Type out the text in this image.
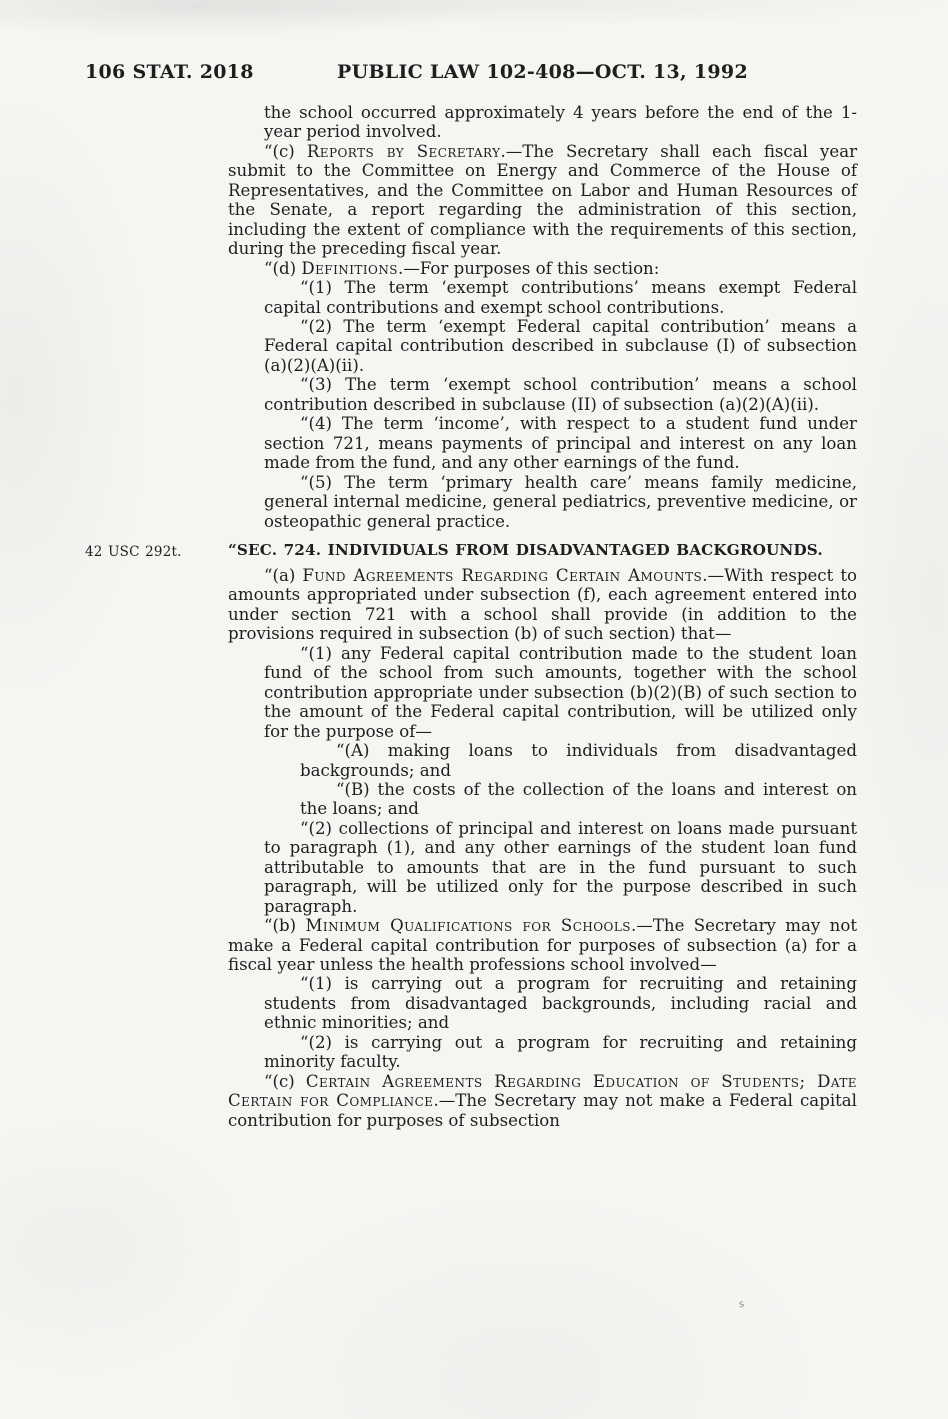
106 STAT. 2018	PUBLIC LAW 102-408—OCT. 13, 1992

the school occurred approximately 4 years before the end of the 1-year period involved.

“(c) Reports by Secretary.—The Secretary shall each fiscal year submit to the Committee on Energy and Commerce of the House of Representatives, and the Committee on Labor and Human Resources of the Senate, a report regarding the administration of this section, including the extent of compliance with the requirements of this section, during the preceding fiscal year.

“(d) Definitions.—For purposes of this section:

“(1) The term ‘exempt contributions’ means exempt Federal capital contributions and exempt school contributions.

“(2) The term ‘exempt Federal capital contribution’ means a Federal capital contribution described in subclause (I) of subsection (a)(2)(A)(ii).

“(3) The term ‘exempt school contribution’ means a school contribution described in subclause (II) of subsection (a)(2)(A)(ii).

“(4) The term ‘income’, with respect to a student fund under section 721, means payments of principal and interest on any loan made from the fund, and any other earnings of the fund.

“(5) The term ‘primary health care’ means family medicine, general internal medicine, general pediatrics, preventive medicine, or osteopathic general practice.

“SEC. 724. INDIVIDUALS FROM DISADVANTAGED BACKGROUNDS.
42 USC 292t.

“(a) Fund Agreements Regarding Certain Amounts.—With respect to amounts appropriated under subsection (f), each agreement entered into under section 721 with a school shall provide (in addition to the provisions required in subsection (b) of such section) that—

“(1) any Federal capital contribution made to the student loan fund of the school from such amounts, together with the school contribution appropriate under subsection (b)(2)(B) of such section to the amount of the Federal capital contribution, will be utilized only for the purpose of—

“(A) making loans to individuals from disadvantaged backgrounds; and

“(B) the costs of the collection of the loans and interest on the loans; and

“(2) collections of principal and interest on loans made pursuant to paragraph (1), and any other earnings of the student loan fund attributable to amounts that are in the fund pursuant to such paragraph, will be utilized only for the purpose described in such paragraph.

“(b) Minimum Qualifications for Schools.—The Secretary may not make a Federal capital contribution for purposes of subsection (a) for a fiscal year unless the health professions school involved—

“(1) is carrying out a program for recruiting and retaining students from disadvantaged backgrounds, including racial and ethnic minorities; and

“(2) is carrying out a program for recruiting and retaining minority faculty.

“(c) Certain Agreements Regarding Education of Students; Date Certain for Compliance.—The Secretary may not make a Federal capital contribution for purposes of subsection

s
